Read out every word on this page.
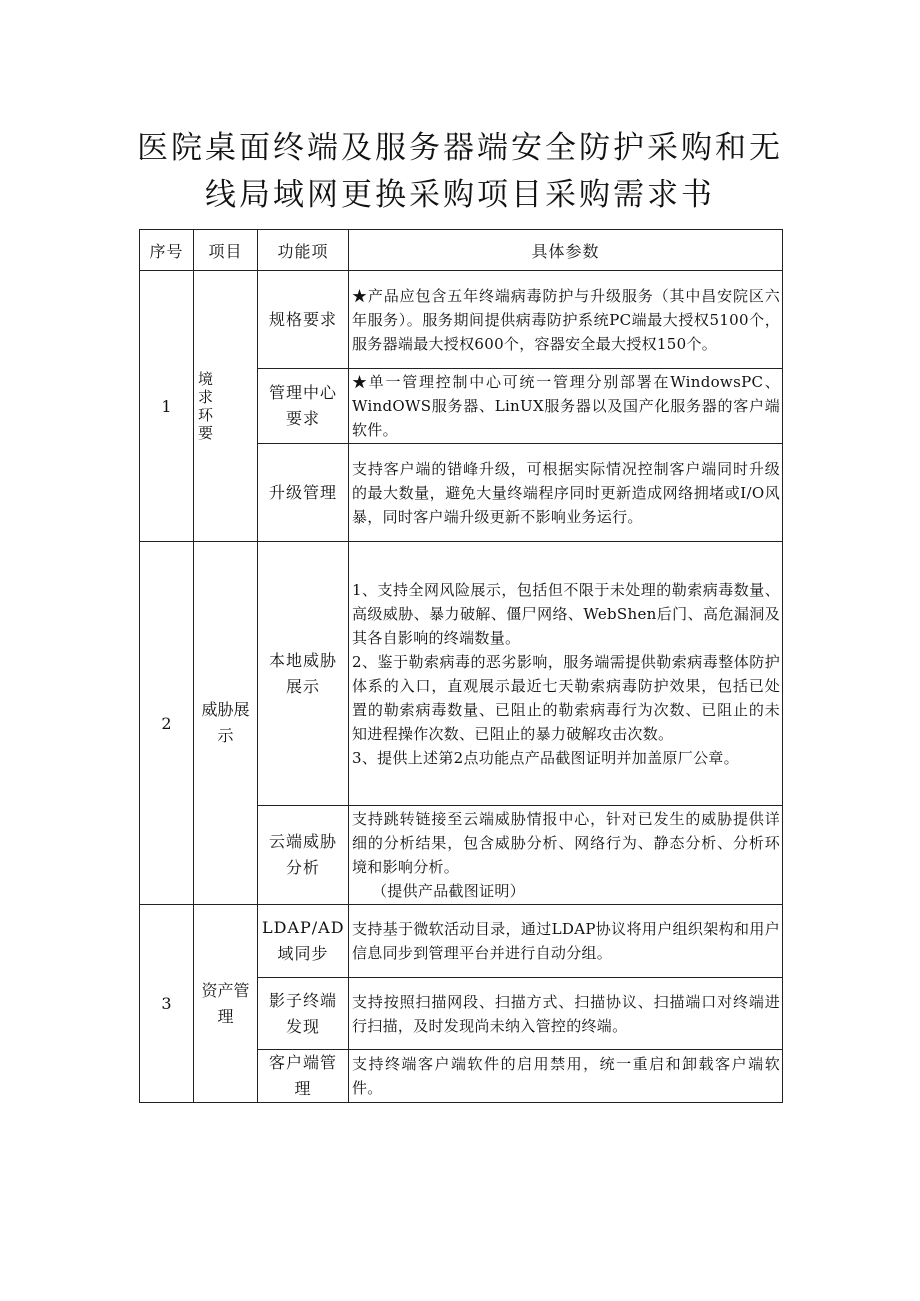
医院桌面终端及服务器端安全防护采购和无
线局域网更换采购项目采购需求书
序号	项目	功能项	具体参数
1	境
求
环
要	规格要求	★产品应包含五年终端病毒防护与升级服务（其中昌安院区六年服务）。服务期间提供病毒防护系统PC端最大授权5100个，服务器端最大授权600个，容器安全最大授权150个。
		管理中心要求	★单一管理控制中心可统一管理分别部署在WindowsPC、WindOWS服务器、LinUX服务器以及国产化服务器的客户端软件。
		升级管理	支持客户端的错峰升级，可根据实际情况控制客户端同时升级的最大数量，避免大量终端程序同时更新造成网络拥堵或I/O风暴，同时客户端升级更新不影响业务运行。
2	威胁展示	本地威胁展示	1、支持全网风险展示，包括但不限于未处理的勒索病毒数量、高级威胁、暴力破解、僵尸网络、WebShen后门、高危漏洞及其各自影响的终端数量。
2、鉴于勒索病毒的恶劣影响，服务端需提供勒索病毒整体防护体系的入口，直观展示最近七天勒索病毒防护效果，包括已处置的勒索病毒数量、已阻止的勒索病毒行为次数、已阻止的未知进程操作次数、已阻止的暴力破解攻击次数。
3、提供上述第2点功能点产品截图证明并加盖原厂公章。

		云端威胁分析	支持跳转链接至云端威胁情报中心，针对已发生的威胁提供详细的分析结果，包含威胁分析、网络行为、静态分析、分析环境和影响分析。
（提供产品截图证明）

3	资产管理	LDAP/AD域同步	支持基于微软活动目录，通过LDAP协议将用户组织架构和用户信息同步到管理平台并进行自动分组。
		影子终端发现	支持按照扫描网段、扫描方式、扫描协议、扫描端口对终端进行扫描，及时发现尚未纳入管控的终端。
		客户端管理	支持终端客户端软件的启用禁用，统一重启和卸载客户端软件。
